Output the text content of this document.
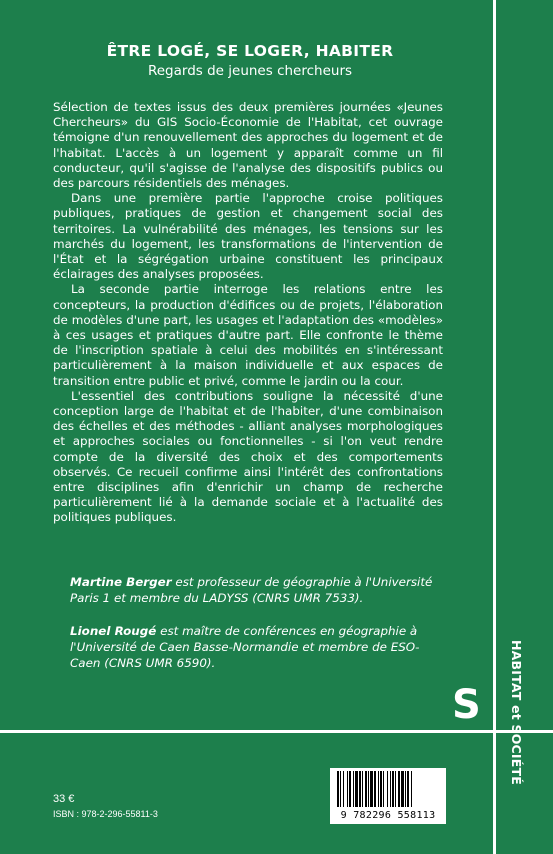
ÊTRE LOGÉ, SE LOGER, HABITER
Regards de jeunes chercheurs

Sélection de textes issus des deux premières journées «Jeunes Chercheurs» du GIS Socio-Économie de l'Habitat, cet ouvrage témoigne d'un renouvellement des approches du logement et de l'habitat. L'accès à un logement y apparaît comme un fil conducteur, qu'il s'agisse de l'analyse des dispositifs publics ou des parcours résidentiels des ménages.

Dans une première partie l'approche croise politiques publiques, pratiques de gestion et changement social des territoires. La vulnérabilité des ménages, les tensions sur les marchés du logement, les transformations de l'intervention de l'État et la ségrégation urbaine constituent les principaux éclairages des analyses proposées.

La seconde partie interroge les relations entre les concepteurs, la production d'édifices ou de projets, l'élaboration de modèles d'une part, les usages et l'adaptation des «modèles» à ces usages et pratiques d'autre part. Elle confronte le thème de l'inscription spatiale à celui des mobilités en s'intéressant particulièrement à la maison individuelle et aux espaces de transition entre public et privé, comme le jardin ou la cour.

L'essentiel des contributions souligne la nécessité d'une conception large de l'habitat et de l'habiter, d'une combinaison des échelles et des méthodes - alliant analyses morphologiques et approches sociales ou fonctionnelles - si l'on veut rendre compte de la diversité des choix et des comportements observés. Ce recueil confirme ainsi l'intérêt des confrontations entre disciplines afin d'enrichir un champ de recherche particulièrement lié à la demande sociale et à l'actualité des politiques publiques.

Martine Berger est professeur de géographie à l'Université Paris 1 et membre du LADYSS (CNRS UMR 7533).

Lionel Rougé est maître de conférences en géographie à l'Université de Caen Basse-Normandie et membre de ESO-Caen (CNRS UMR 6590).

33 €
ISBN : 978-2-296-55811-3	9 782296 558113
S
HABITAT et SOCIÉTÉ
